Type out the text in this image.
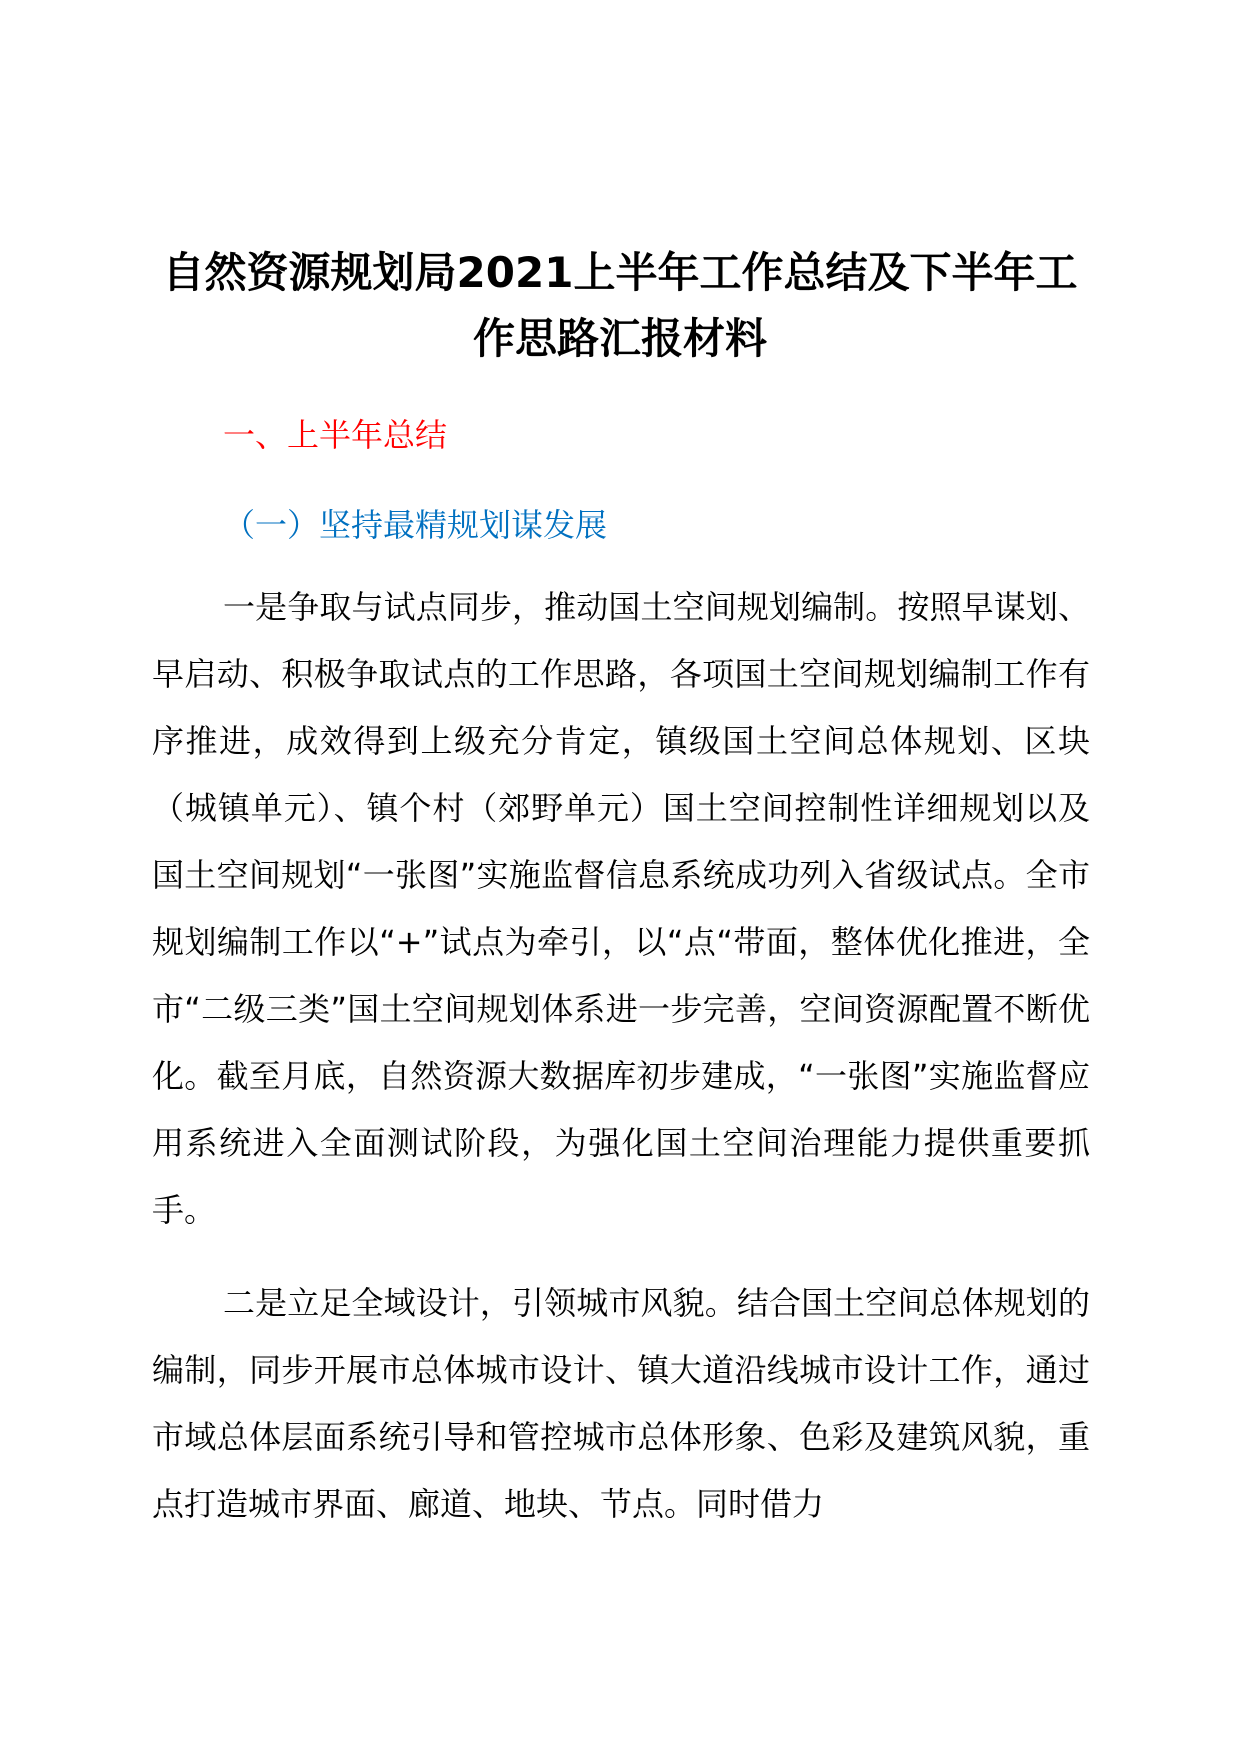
自然资源规划局2021上半年工作总结及下半年工作思路汇报材料
一、上半年总结
（一）坚持最精规划谋发展

一是争取与试点同步，推动国土空间规划编制。按照早谋划、早启动、积极争取试点的工作思路，各项国土空间规划编制工作有序推进，成效得到上级充分肯定，镇级国土空间总体规划、区块（城镇单元）、镇个村（郊野单元）国土空间控制性详细规划以及国土空间规划“一张图”实施监督信息系统成功列入省级试点。全市规划编制工作以“+”试点为牵引，以“点“带面，整体优化推进，全市“二级三类”国土空间规划体系进一步完善，空间资源配置不断优化。截至月底，自然资源大数据库初步建成，“一张图”实施监督应用系统进入全面测试阶段，为强化国土空间治理能力提供重要抓手。

二是立足全域设计，引领城市风貌。结合国土空间总体规划的编制，同步开展市总体城市设计、镇大道沿线城市设计工作，通过市域总体层面系统引导和管控城市总体形象、色彩及建筑风貌，重点打造城市界面、廊道、地块、节点。同时借力
